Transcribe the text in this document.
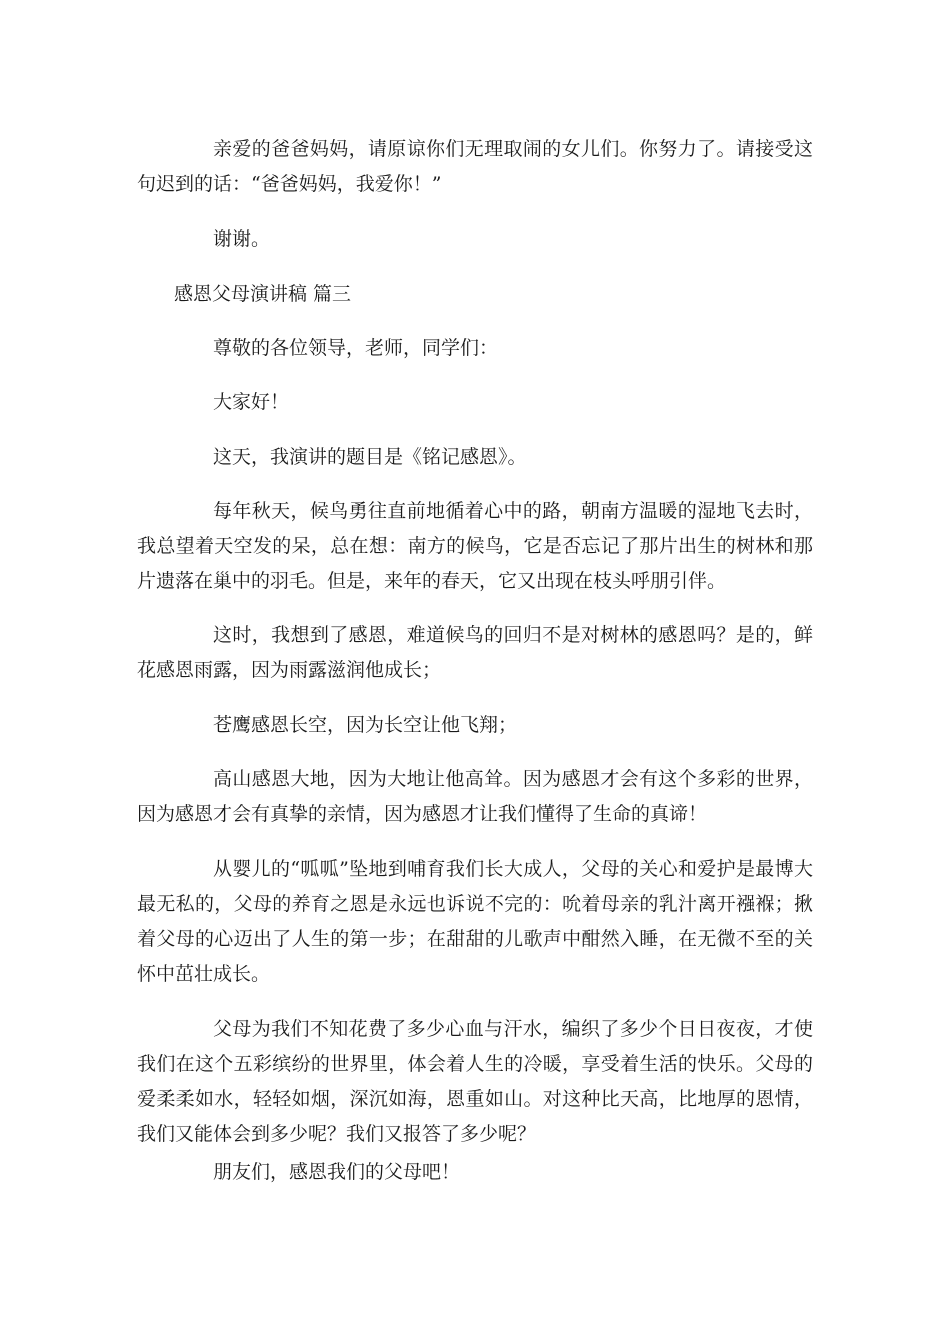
亲爱的爸爸妈妈，请原谅你们无理取闹的女儿们。你努力了。请接受这句迟到的话：“爸爸妈妈，我爱你！”

谢谢。

感恩父母演讲稿 篇三

尊敬的各位领导，老师，同学们：

大家好！

这天，我演讲的题目是《铭记感恩》。

每年秋天，候鸟勇往直前地循着心中的路，朝南方温暖的湿地飞去时，我总望着天空发的呆，总在想：南方的候鸟，它是否忘记了那片出生的树林和那片遗落在巢中的羽毛。但是，来年的春天，它又出现在枝头呼朋引伴。

这时，我想到了感恩，难道候鸟的回归不是对树林的感恩吗？是的，鲜花感恩雨露，因为雨露滋润他成长；

苍鹰感恩长空，因为长空让他飞翔；

高山感恩大地，因为大地让他高耸。因为感恩才会有这个多彩的世界，因为感恩才会有真挚的亲情，因为感恩才让我们懂得了生命的真谛！

从婴儿的“呱呱”坠地到哺育我们长大成人，父母的关心和爱护是最博大最无私的，父母的养育之恩是永远也诉说不完的：吮着母亲的乳汁离开襁褓；揪着父母的心迈出了人生的第一步；在甜甜的儿歌声中酣然入睡，在无微不至的关怀中茁壮成长。

父母为我们不知花费了多少心血与汗水，编织了多少个日日夜夜，才使我们在这个五彩缤纷的世界里，体会着人生的冷暖，享受着生活的快乐。父母的爱柔柔如水，轻轻如烟，深沉如海，恩重如山。对这种比天高，比地厚的恩情，我们又能体会到多少呢？我们又报答了多少呢？

朋友们，感恩我们的父母吧！
